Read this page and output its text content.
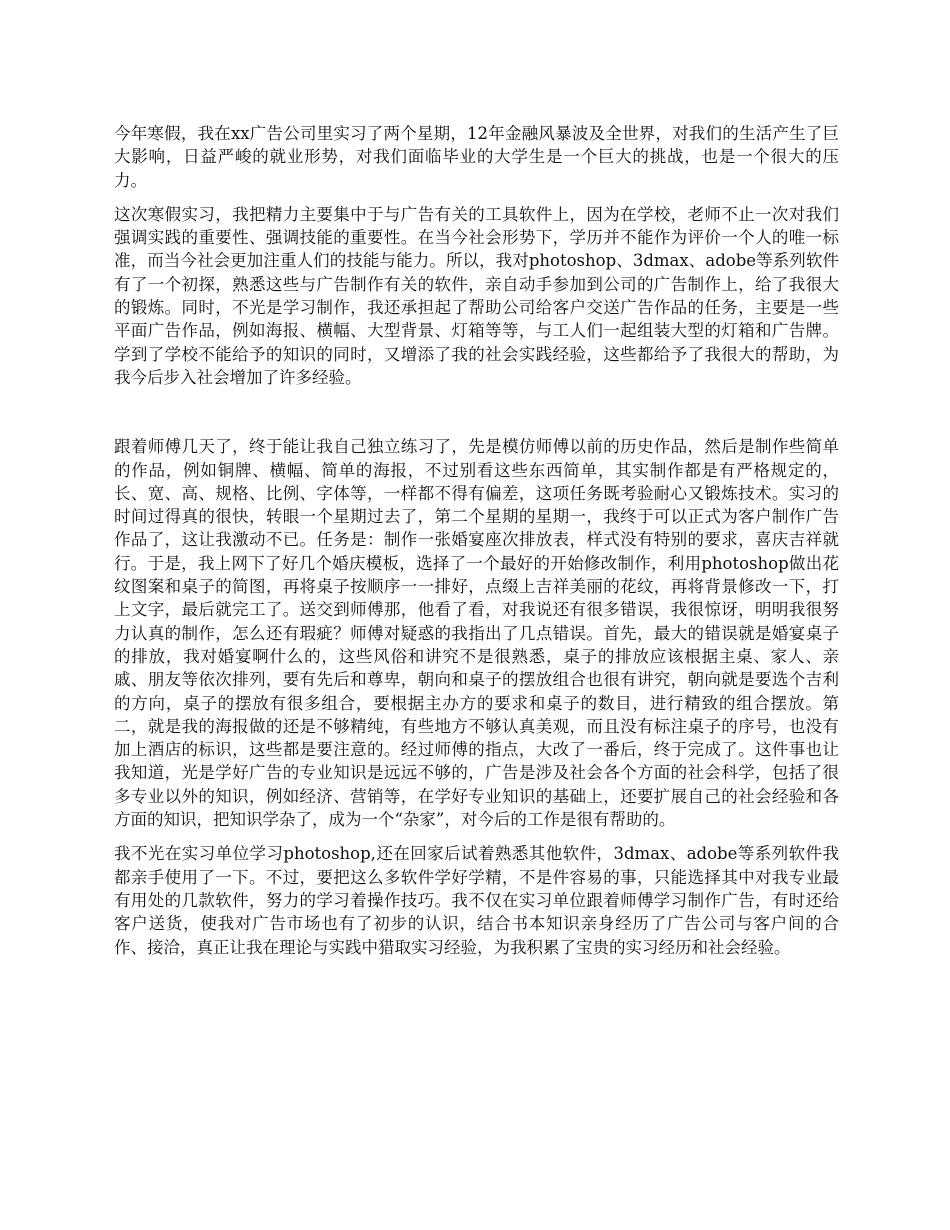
今年寒假，我在xx广告公司里实习了两个星期，12年金融风暴波及全世界，对我们的生活产生了巨大影响，日益严峻的就业形势，对我们面临毕业的大学生是一个巨大的挑战，也是一个很大的压力。

这次寒假实习，我把精力主要集中于与广告有关的工具软件上，因为在学校，老师不止一次对我们强调实践的重要性、强调技能的重要性。在当今社会形势下，学历并不能作为评价一个人的唯一标准，而当今社会更加注重人们的技能与能力。所以，我对photoshop、3dmax、adobe等系列软件有了一个初探，熟悉这些与广告制作有关的软件，亲自动手参加到公司的广告制作上，给了我很大的锻炼。同时，不光是学习制作，我还承担起了帮助公司给客户交送广告作品的任务，主要是一些平面广告作品，例如海报、横幅、大型背景、灯箱等等，与工人们一起组装大型的灯箱和广告牌。学到了学校不能给予的知识的同时，又增添了我的社会实践经验，这些都给予了我很大的帮助，为我今后步入社会增加了许多经验。

跟着师傅几天了，终于能让我自己独立练习了，先是模仿师傅以前的历史作品，然后是制作些简单的作品，例如铜牌、横幅、简单的海报，不过别看这些东西简单，其实制作都是有严格规定的，长、宽、高、规格、比例、字体等，一样都不得有偏差，这项任务既考验耐心又锻炼技术。实习的时间过得真的很快，转眼一个星期过去了，第二个星期的星期一，我终于可以正式为客户制作广告作品了，这让我激动不已。任务是：制作一张婚宴座次排放表，样式没有特别的要求，喜庆吉祥就行。于是，我上网下了好几个婚庆模板，选择了一个最好的开始修改制作，利用photoshop做出花纹图案和桌子的简图，再将桌子按顺序一一排好，点缀上吉祥美丽的花纹，再将背景修改一下，打上文字，最后就完工了。送交到师傅那，他看了看，对我说还有很多错误，我很惊讶，明明我很努力认真的制作，怎么还有瑕疵？师傅对疑惑的我指出了几点错误。首先，最大的错误就是婚宴桌子的排放，我对婚宴啊什么的，这些风俗和讲究不是很熟悉，桌子的排放应该根据主桌、家人、亲戚、朋友等依次排列，要有先后和尊卑，朝向和桌子的摆放组合也很有讲究，朝向就是要选个吉利的方向，桌子的摆放有很多组合，要根据主办方的要求和桌子的数目，进行精致的组合摆放。第二，就是我的海报做的还是不够精纯，有些地方不够认真美观，而且没有标注桌子的序号，也没有加上酒店的标识，这些都是要注意的。经过师傅的指点，大改了一番后，终于完成了。这件事也让我知道，光是学好广告的专业知识是远远不够的，广告是涉及社会各个方面的社会科学，包括了很多专业以外的知识，例如经济、营销等，在学好专业知识的基础上，还要扩展自己的社会经验和各方面的知识，把知识学杂了，成为一个“杂家”，对今后的工作是很有帮助的。

我不光在实习单位学习photoshop,还在回家后试着熟悉其他软件，3dmax、adobe等系列软件我都亲手使用了一下。不过，要把这么多软件学好学精，不是件容易的事，只能选择其中对我专业最有用处的几款软件，努力的学习着操作技巧。我不仅在实习单位跟着师傅学习制作广告，有时还给客户送货，使我对广告市场也有了初步的认识，结合书本知识亲身经历了广告公司与客户间的合作、接洽，真正让我在理论与实践中猎取实习经验，为我积累了宝贵的实习经历和社会经验。
